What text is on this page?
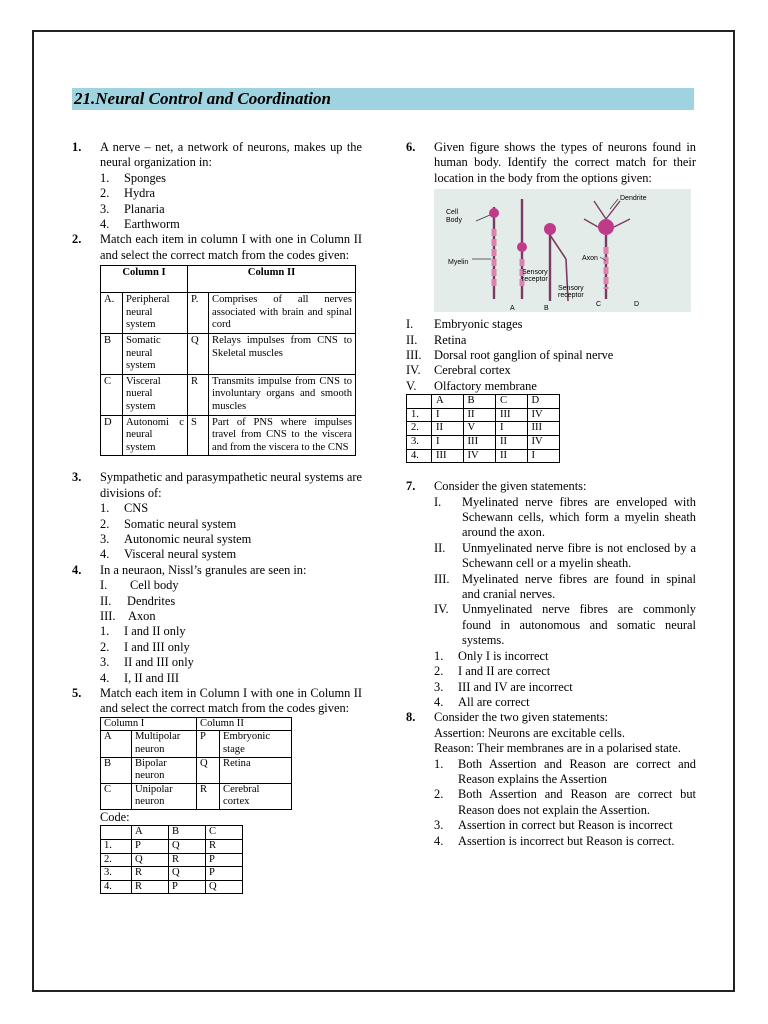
21.Neural Control and Coordination
1. A nerve – net, a network of neurons, makes up the neural organization in:
1. Sponges
2. Hydra
3. Planaria
4. Earthworm
2. Match each item in column I with one in Column II and select the correct match from the codes given:
Column I		Column II	
A.	Peripheral neural system	P.	Comprises of all nerves associated with brain and spinal cord
B	Somatic neural system	Q	Relays impulses from CNS to Skeletal muscles
C	Visceral nueral system	R	Transmits impulse from CNS to involuntary organs and smooth muscles
D	Autonomi c neural system	S	Part of PNS where impulses travel from CNS to the viscera and from the viscera to the CNS
3. Sympathetic and parasympathetic neural systems are divisions of:
1. CNS
2. Somatic neural system
3. Autonomic neural system
4. Visceral neural system
4. In a neuraon, Nissl’s granules are seen in:
I. Cell body
II. Dendrites
III. Axon
1. I and II only
2. I and III only
3. II and III only
4. I, II and III
5. Match each item in Column I with one in Column II and select the correct match from the codes given:
Column I		Column II	
A	Multipolar neuron	P	Embryonic stage
B	Bipolar neuron	Q	Retina
C	Unipolar neuron	R	Cerebral cortex
Code:
	A	B	C
1.	P	Q	R
2.	Q	R	P
3.	R	Q	P
4.	R	P	Q
6. Given figure shows the types of neurons found in human body. Identify the correct match for their location in the body from the options given:
Cell Body
Myelin
Dendrite
Axon
Sensory receptor
Sensory receptor
A	B
C	D
I. Embryonic stages
II. Retina
III. Dorsal root ganglion of spinal nerve
IV. Cerebral cortex
V. Olfactory membrane
	A	B	C	D
1.	I	II	III	IV
2.	II	V	I	III
3.	I	III	II	IV
4.	III	IV	II	I
7. Consider the given statements:
I. Myelinated nerve fibres are enveloped with Schewann cells, which form a myelin sheath around the axon.
II. Unmyelinated nerve fibre is not enclosed by a Schewann cell or a myelin sheath.
III. Myelinated nerve fibres are found in spinal and cranial nerves.
IV. Unmyelinated nerve fibres are commonly found in autonomous and somatic neural systems.
1. Only I is incorrect
2. I and II are correct
3. III and IV are incorrect
4. All are correct
8. Consider the two given statements:
Assertion: Neurons are excitable cells.
Reason: Their membranes are in a polarised state.
1. Both Assertion and Reason are correct and Reason explains the Assertion
2. Both Assertion and Reason are correct but Reason does not explain the Assertion.
3. Assertion in correct but Reason is incorrect
4. Assertion is incorrect but Reason is correct.
